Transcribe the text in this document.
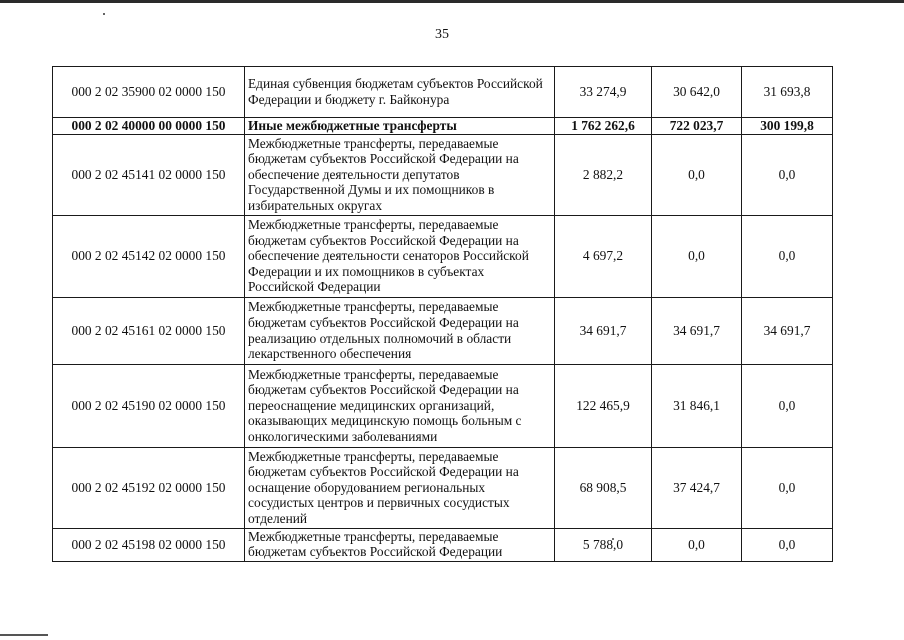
35
000 2 02 35900 02 0000 150	Единая субвенция бюджетам субъектов Российской Федерации и бюджету г. Байконура	33 274,9	30 642,0	31 693,8
000 2 02 40000 00 0000 150	Иные межбюджетные трансферты	1 762 262,6	722 023,7	300 199,8
000 2 02 45141 02 0000 150	Межбюджетные трансферты, передаваемые бюджетам субъектов Российской Федерации на обеспечение деятельности депутатов Государственной Думы и их помощников в избирательных округах	2 882,2	0,0	0,0
000 2 02 45142 02 0000 150	Межбюджетные трансферты, передаваемые бюджетам субъектов Российской Федерации на обеспечение деятельности сенаторов Российской Федерации и их помощников в субъектах Российской Федерации	4 697,2	0,0	0,0
000 2 02 45161 02 0000 150	Межбюджетные трансферты, передаваемые бюджетам субъектов Российской Федерации на реализацию отдельных полномочий в области лекарственного обеспечения	34 691,7	34 691,7	34 691,7
000 2 02 45190 02 0000 150	Межбюджетные трансферты, передаваемые бюджетам субъектов Российской Федерации на переоснащение медицинских организаций, оказывающих медицинскую помощь больным с онкологическими заболеваниями	122 465,9	31 846,1	0,0
000 2 02 45192 02 0000 150	Межбюджетные трансферты, передаваемые бюджетам субъектов Российской Федерации на оснащение оборудованием региональных сосудистых центров и первичных сосудистых отделений	68 908,5	37 424,7	0,0
000 2 02 45198 02 0000 150	Межбюджетные трансферты, передаваемые бюджетам субъектов Российской Федерации	5 788,0	0,0	0,0
